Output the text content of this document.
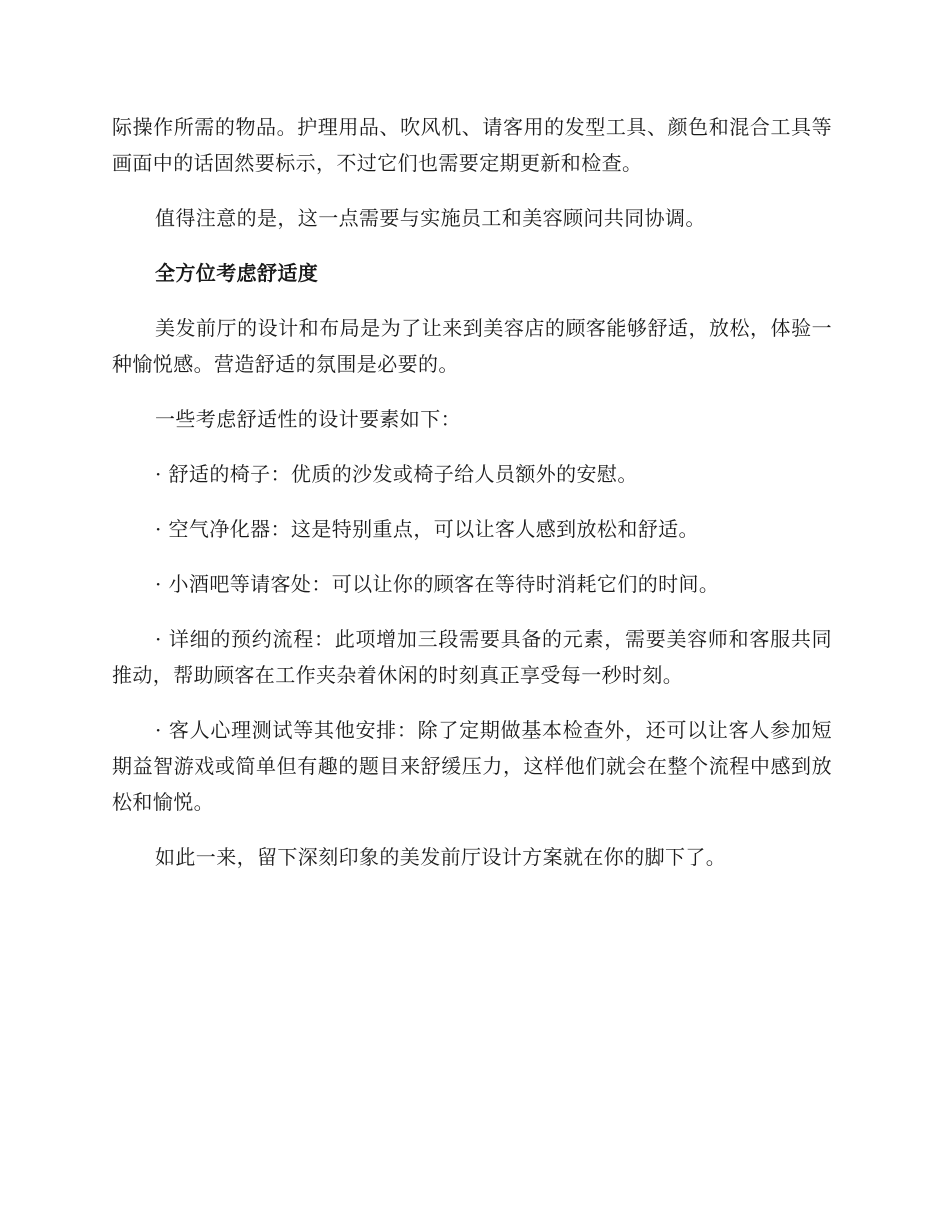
际操作所需的物品。护理用品、吹风机、请客用的发型工具、颜色和混合工具等画面中的话固然要标示，不过它们也需要定期更新和检查。

值得注意的是，这一点需要与实施员工和美容顾问共同协调。

全方位考虑舒适度

美发前厅的设计和布局是为了让来到美容店的顾客能够舒适，放松，体验一种愉悦感。营造舒适的氛围是必要的。

一些考虑舒适性的设计要素如下：

· 舒适的椅子：优质的沙发或椅子给人员额外的安慰。

· 空气净化器：这是特别重点，可以让客人感到放松和舒适。

· 小酒吧等请客处：可以让你的顾客在等待时消耗它们的时间。

· 详细的预约流程：此项增加三段需要具备的元素，需要美容师和客服共同推动，帮助顾客在工作夹杂着休闲的时刻真正享受每一秒时刻。

· 客人心理测试等其他安排：除了定期做基本检查外，还可以让客人参加短期益智游戏或简单但有趣的题目来舒缓压力，这样他们就会在整个流程中感到放松和愉悦。

如此一来，留下深刻印象的美发前厅设计方案就在你的脚下了。
